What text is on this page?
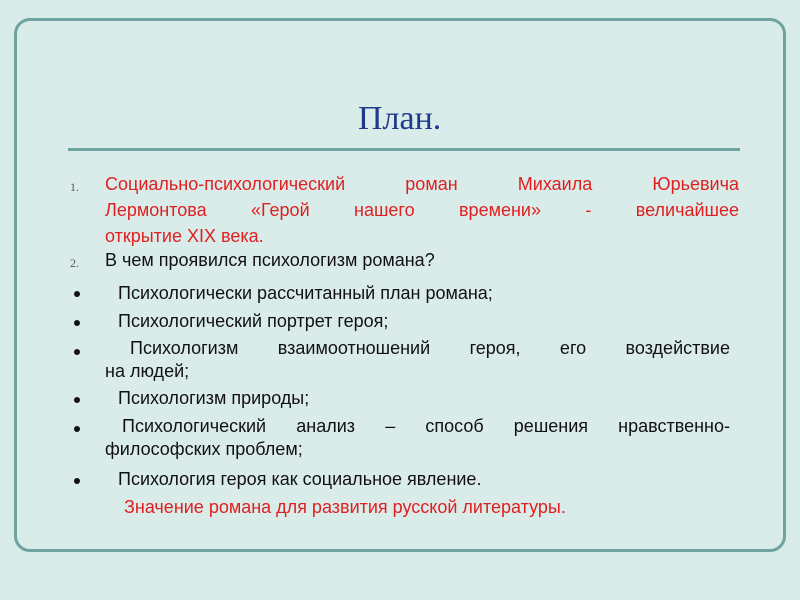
План.
1. Социально-психологический роман Михаила Юрьевича
Лермонтова «Герой нашего времени» - величайшее
открытие XIX века.
2. В чем проявился психологизм романа?
Психологически рассчитанный план романа;
Психологический портрет героя;
Психологизм взаимоотношений героя, его воздействие
на людей;
Психологизм природы;
Психологический анализ – способ решения нравственно-
философских проблем;
Психология героя как социальное явление.
Значение романа для развития русской литературы.
